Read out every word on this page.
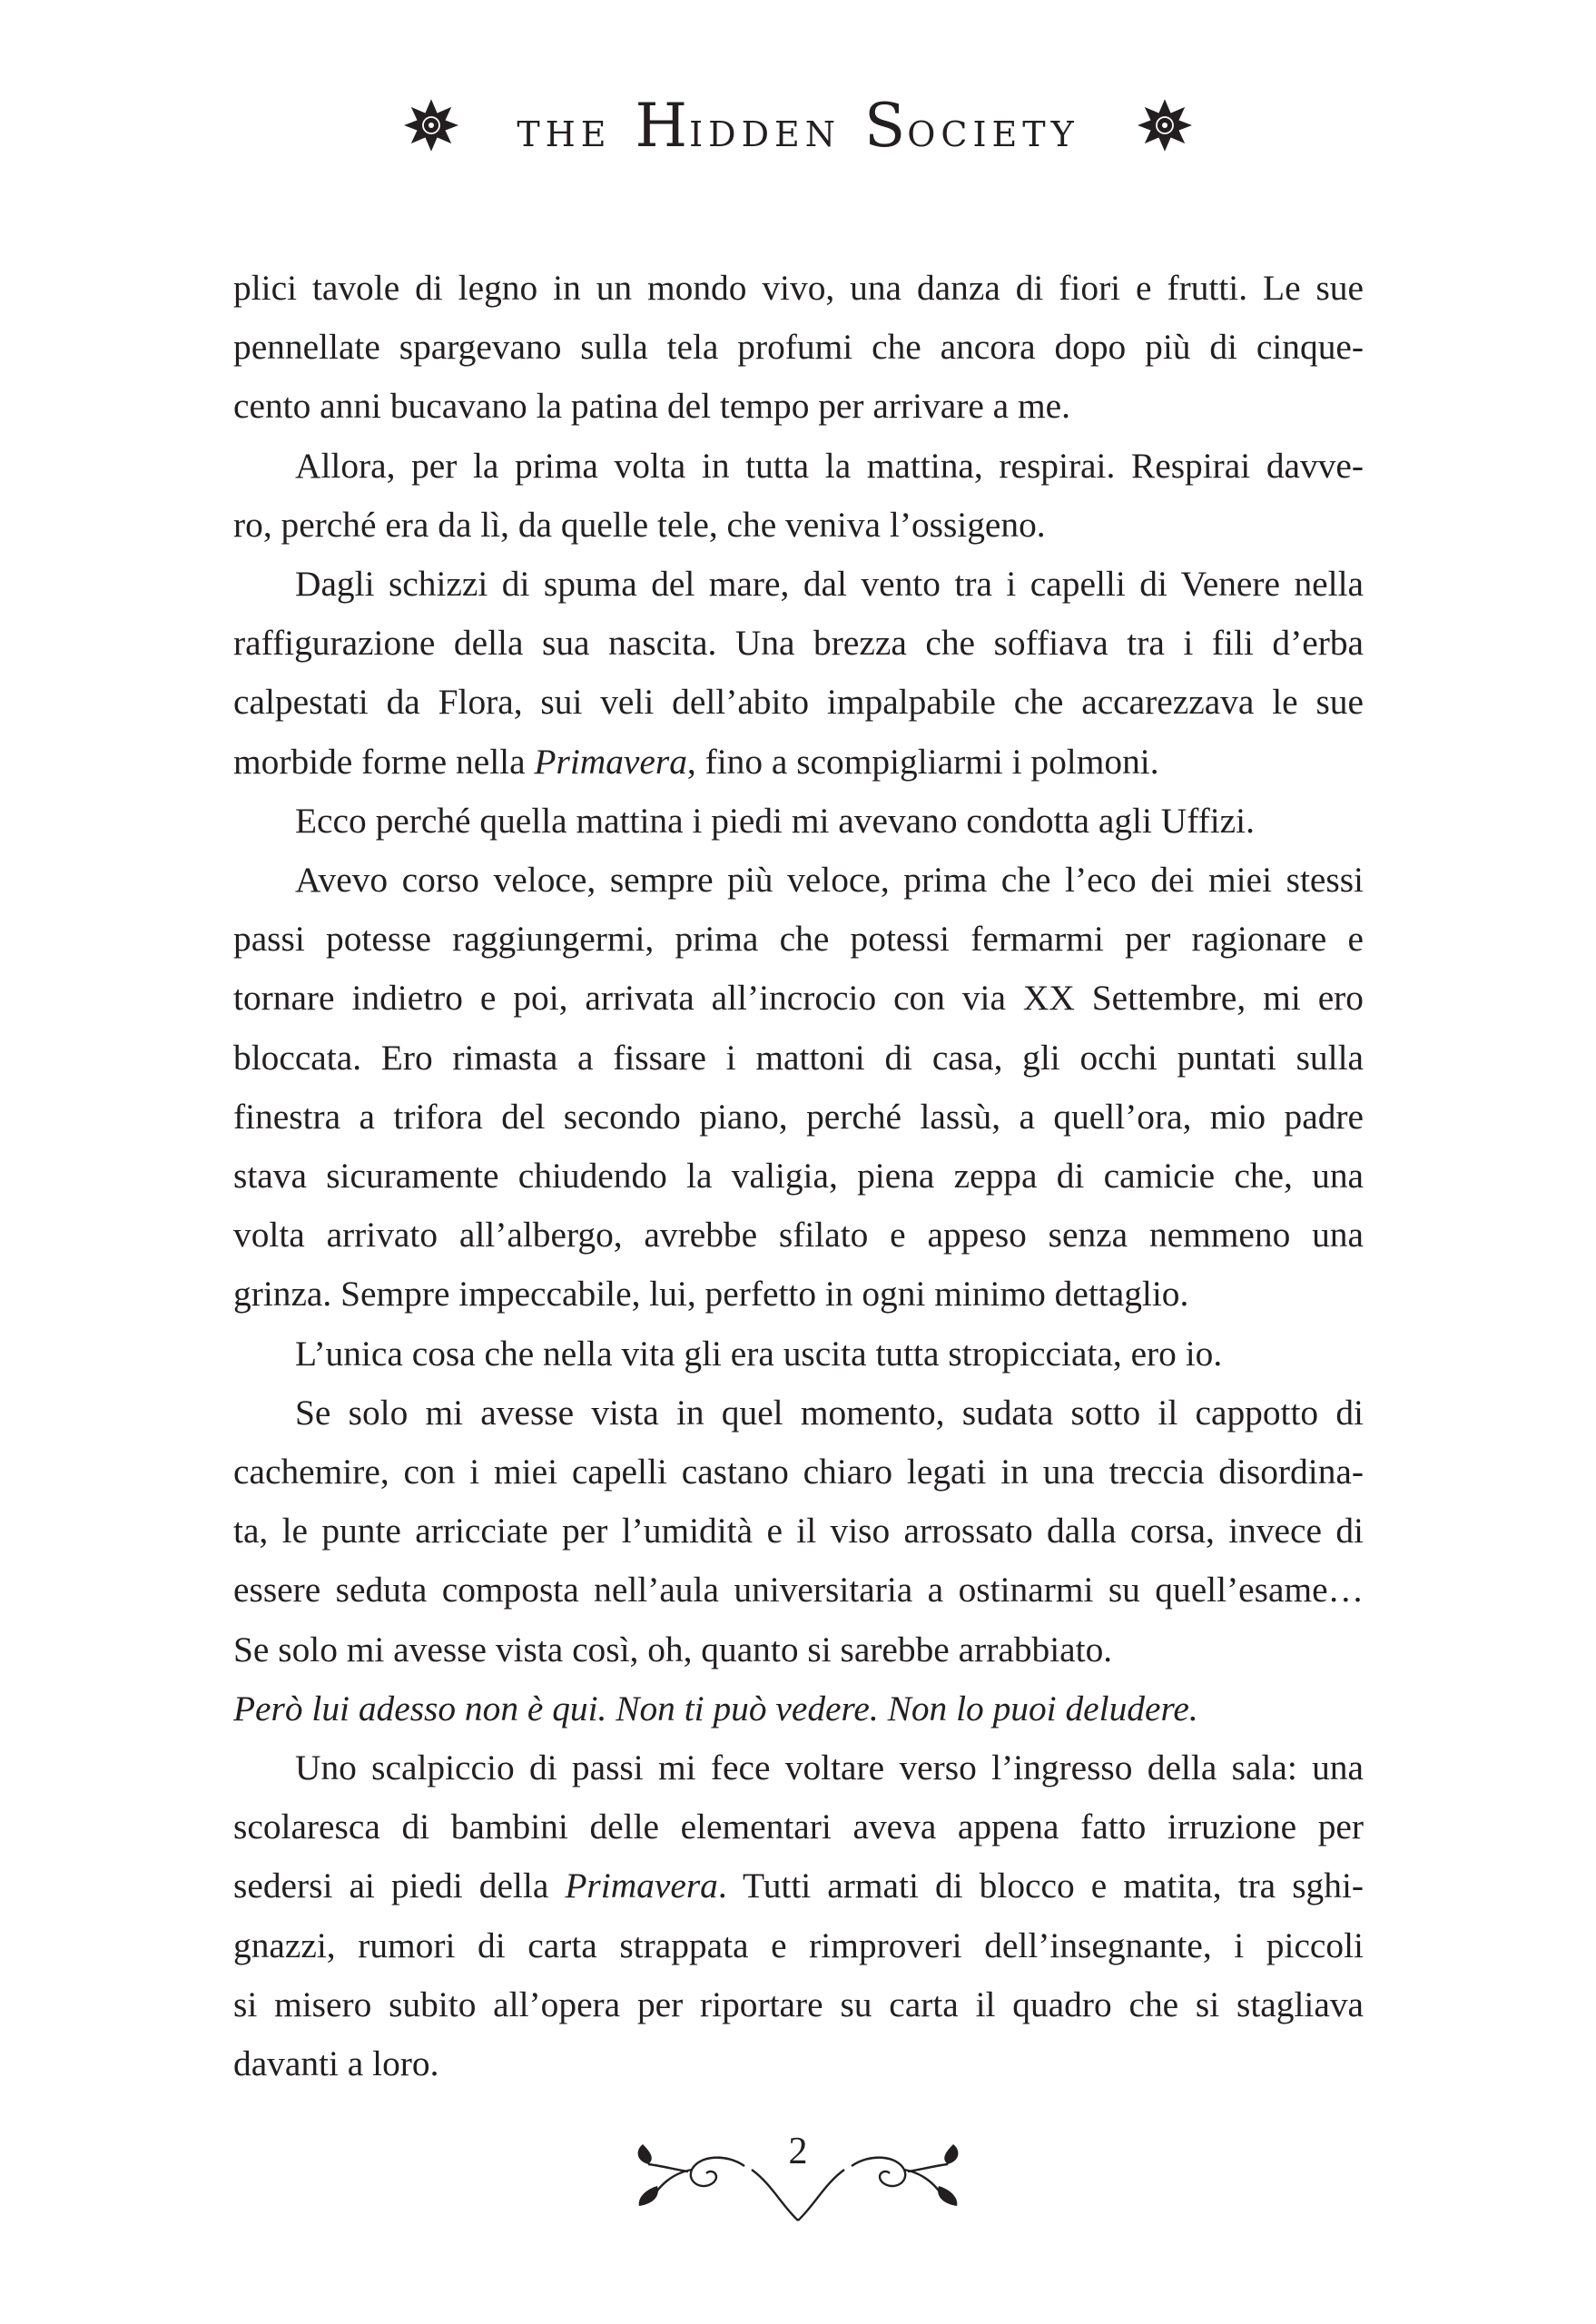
THE H IDDEN S OCIETY

plici tavole di legno in un mondo vivo, una danza di fiori e frutti. Le sue
pennellate spargevano sulla tela profumi che ancora dopo più di cinque-
cento anni bucavano la patina del tempo per arrivare a me.

Allora, per la prima volta in tutta la mattina, respirai. Respirai davve-
ro, perché era da lì, da quelle tele, che veniva l’ossigeno.

Dagli schizzi di spuma del mare, dal vento tra i capelli di Venere nella
raffigurazione della sua nascita. Una brezza che soffiava tra i fili d’erba
calpestati da Flora, sui veli dell’abito impalpabile che accarezzava le sue
morbide forme nella Primavera, fino a scompigliarmi i polmoni.

Ecco perché quella mattina i piedi mi avevano condotta agli Uffizi.

Avevo corso veloce, sempre più veloce, prima che l’eco dei miei stessi
passi potesse raggiungermi, prima che potessi fermarmi per ragionare e
tornare indietro e poi, arrivata all’incrocio con via XX Settembre, mi ero
bloccata. Ero rimasta a fissare i mattoni di casa, gli occhi puntati sulla
finestra a trifora del secondo piano, perché lassù, a quell’ora, mio padre
stava sicuramente chiudendo la valigia, piena zeppa di camicie che, una
volta arrivato all’albergo, avrebbe sfilato e appeso senza nemmeno una
grinza. Sempre impeccabile, lui, perfetto in ogni minimo dettaglio.

L’unica cosa che nella vita gli era uscita tutta stropicciata, ero io.

Se solo mi avesse vista in quel momento, sudata sotto il cappotto di
cachemire, con i miei capelli castano chiaro legati in una treccia disordina-
ta, le punte arricciate per l’umidità e il viso arrossato dalla corsa, invece di
essere seduta composta nell’aula universitaria a ostinarmi su quell’esame…
Se solo mi avesse vista così, oh, quanto si sarebbe arrabbiato.

Però lui adesso non è qui. Non ti può vedere. Non lo puoi deludere.

Uno scalpiccio di passi mi fece voltare verso l’ingresso della sala: una
scolaresca di bambini delle elementari aveva appena fatto irruzione per
sedersi ai piedi della Primavera. Tutti armati di blocco e matita, tra sghi-
gnazzi, rumori di carta strappata e rimproveri dell’insegnante, i piccoli
si misero subito all’opera per riportare su carta il quadro che si stagliava
davanti a loro.

2
